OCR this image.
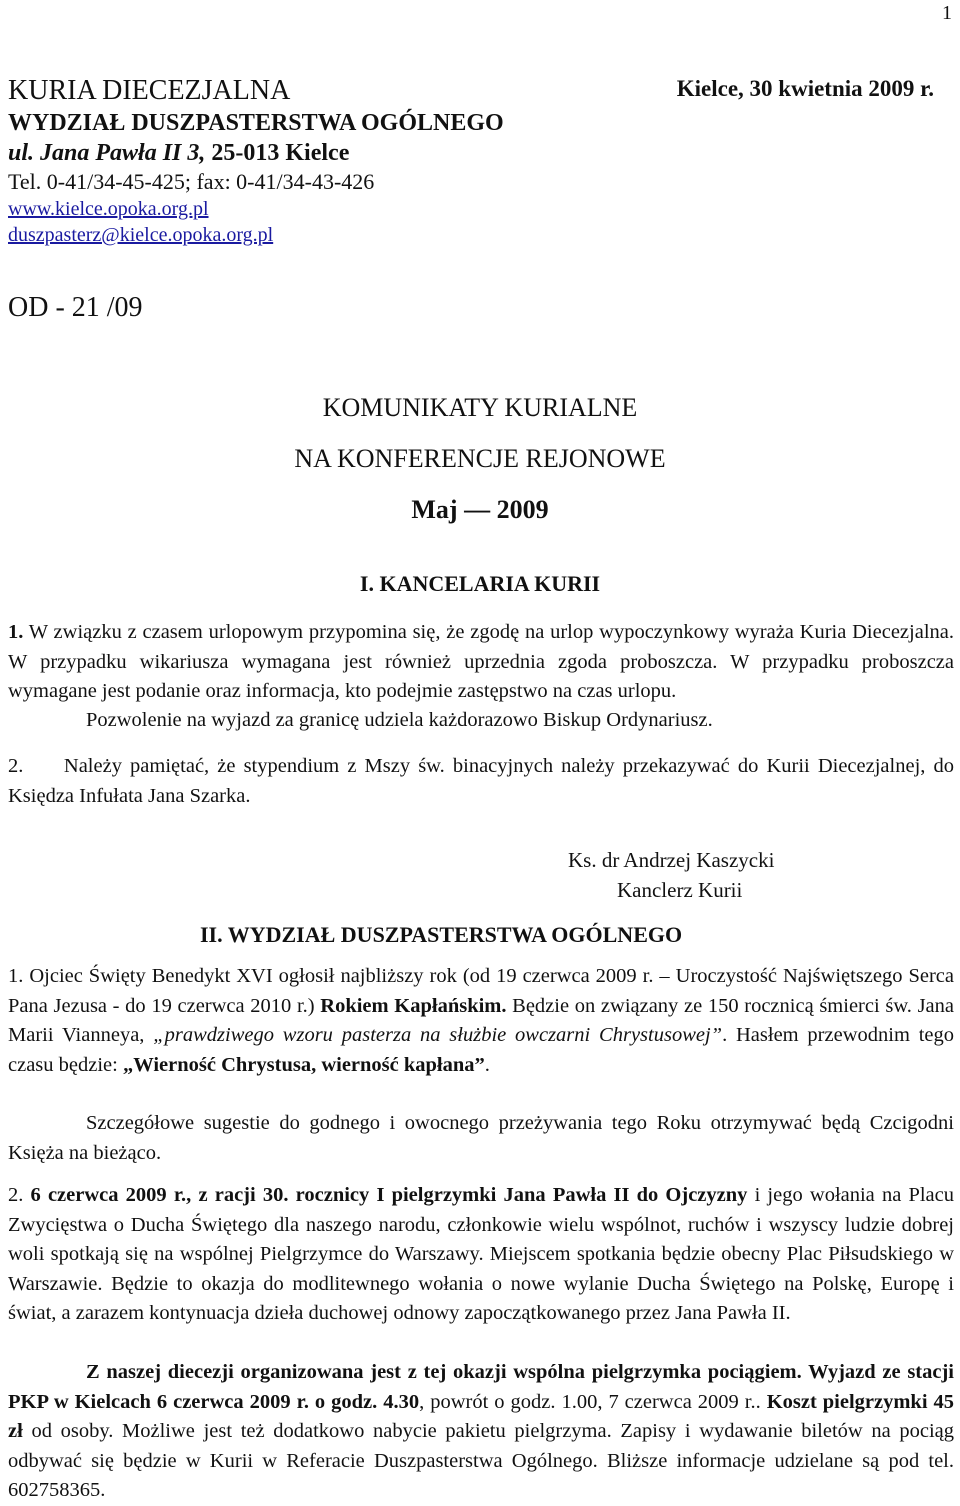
1
KURIA DIECEZJALNA
WYDZIAŁ DUSZPASTERSTWA OGÓLNEGO
ul. Jana Pawła II 3, 25-013 Kielce
Tel. 0-41/34-45-425; fax: 0-41/34-43-426
www.kielce.opoka.org.pl
duszpasterz@kielce.opoka.org.pl
Kielce, 30 kwietnia 2009 r.
OD - 21 /09
KOMUNIKATY KURIALNE
NA KONFERENCJE REJONOWE
Maj — 2009
I. KANCELARIA KURII
1. W związku z czasem urlopowym przypomina się, że zgodę na urlop wypoczynkowy wyraża Kuria Diecezjalna. W przypadku wikariusza wymagana jest również uprzednia zgoda proboszcza. W przypadku proboszcza wymagane jest podanie oraz informacja, kto podejmie zastępstwo na czas urlopu.
Pozwolenie na wyjazd za granicę udziela każdorazowo Biskup Ordynariusz.
2. Należy pamiętać, że stypendium z Mszy św. binacyjnych należy przekazywać do Kurii Diecezjalnej, do Księdza Infułata Jana Szarka.
Ks. dr Andrzej Kaszycki
Kanclerz Kurii
II. WYDZIAŁ DUSZPASTERSTWA OGÓLNEGO
1. Ojciec Święty Benedykt XVI ogłosił najbliższy rok (od 19 czerwca 2009 r. – Uroczystość Najświętszego Serca Pana Jezusa - do 19 czerwca 2010 r.) Rokiem Kapłańskim. Będzie on związany ze 150 rocznicą śmierci św. Jana Marii Vianneya, „prawdziwego wzoru pasterza na służbie owczarni Chrystusowej”. Hasłem przewodnim tego czasu będzie: „Wierność Chrystusa, wierność kapłana”.
Szczegółowe sugestie do godnego i owocnego przeżywania tego Roku otrzymywać będą Czcigodni Księża na bieżąco.
2. 6 czerwca 2009 r., z racji 30. rocznicy I pielgrzymki Jana Pawła II do Ojczyzny i jego wołania na Placu Zwycięstwa o Ducha Świętego dla naszego narodu, członkowie wielu wspólnot, ruchów i wszyscy ludzie dobrej woli spotkają się na wspólnej Pielgrzymce do Warszawy. Miejscem spotkania będzie obecny Plac Piłsudskiego w Warszawie. Będzie to okazja do modlitewnego wołania o nowe wylanie Ducha Świętego na Polskę, Europę i świat, a zarazem kontynuacja dzieła duchowej odnowy zapoczątkowanego przez Jana Pawła II.
Z naszej diecezji organizowana jest z tej okazji wspólna pielgrzymka pociągiem. Wyjazd ze stacji PKP w Kielcach 6 czerwca 2009 r. o godz. 4.30, powrót o godz. 1.00, 7 czerwca 2009 r.. Koszt pielgrzymki 45 zł od osoby. Możliwe jest też dodatkowo nabycie pakietu pielgrzyma. Zapisy i wydawanie biletów na pociąg odbywać się będzie w Kurii w Referacie Duszpasterstwa Ogólnego. Bliższe informacje udzielane są pod tel. 602758365.
